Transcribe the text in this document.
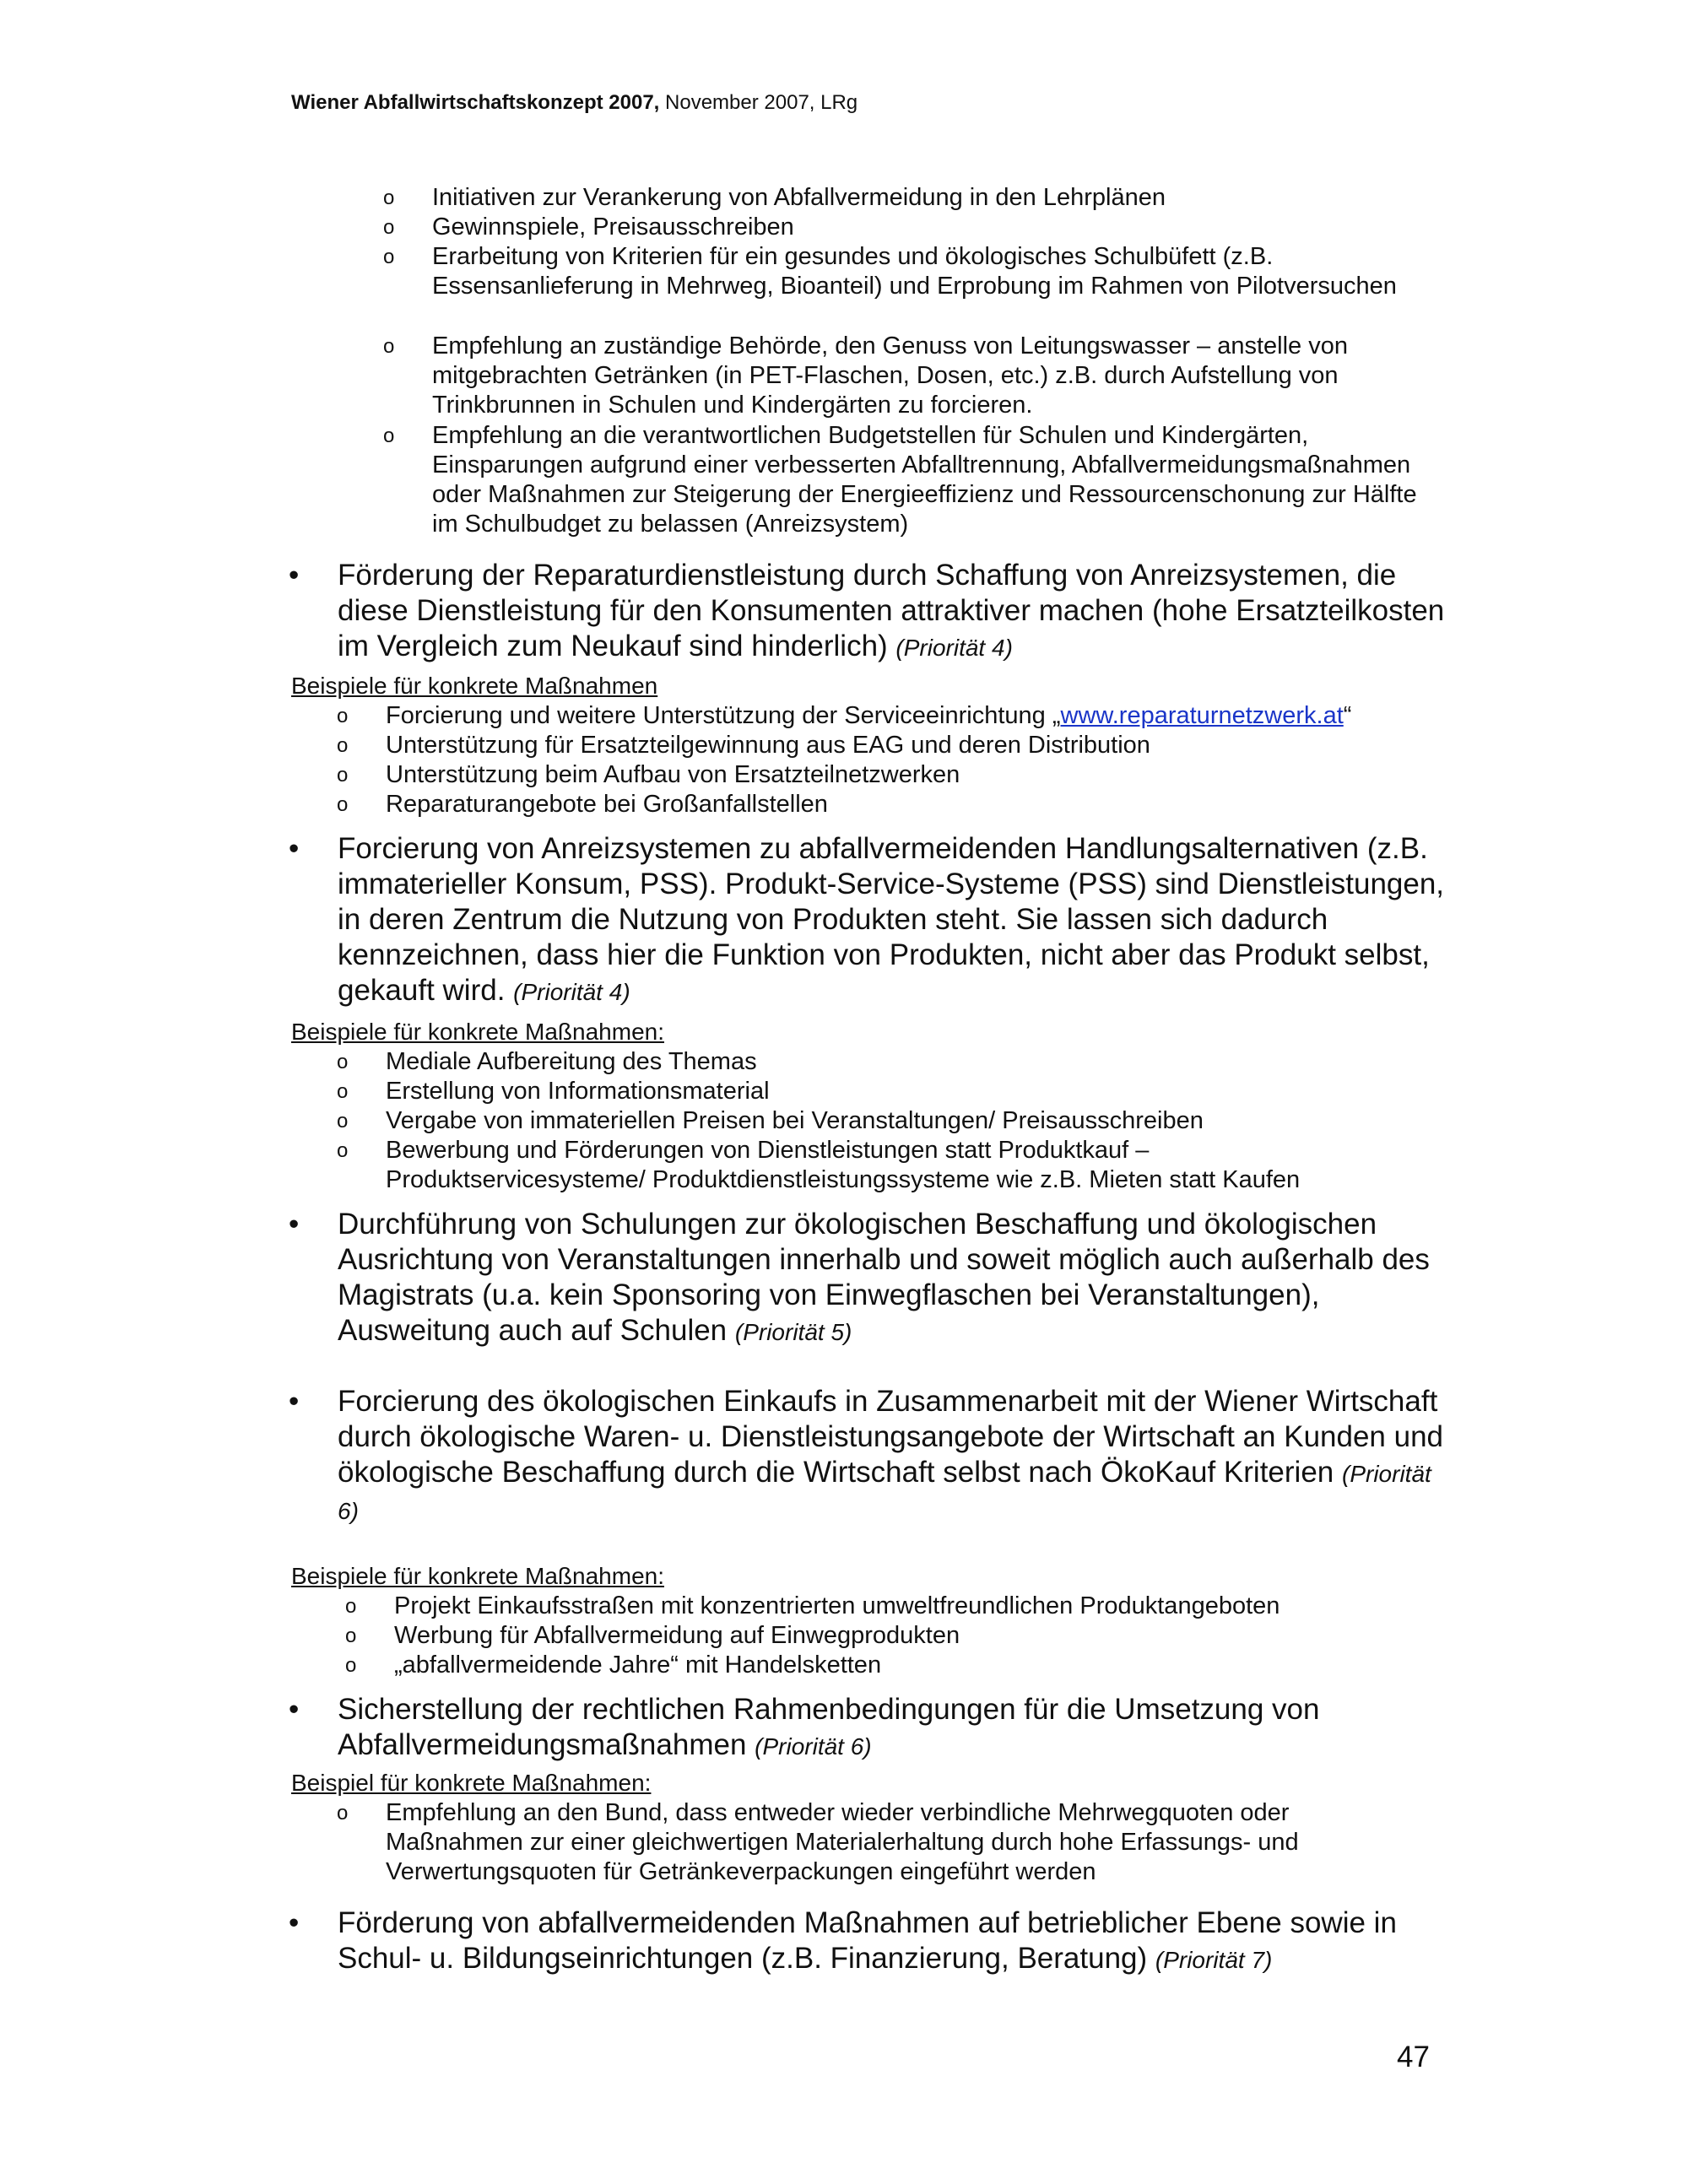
Wiener Abfallwirtschaftskonzept 2007, November 2007, LRg
o Initiativen zur Verankerung von Abfallvermeidung in den Lehrplänen

o Gewinnspiele, Preisausschreiben

o Erarbeitung von Kriterien für ein gesundes und ökologisches Schulbüfett (z.B. Essensanlieferung in Mehrweg, Bioanteil) und Erprobung im Rahmen von Pilotversuchen

o Empfehlung an zuständige Behörde, den Genuss von Leitungswasser – anstelle von mitgebrachten Getränken (in PET-Flaschen, Dosen, etc.) z.B. durch Aufstellung von Trinkbrunnen in Schulen und Kindergärten zu forcieren.

o Empfehlung an die verantwortlichen Budgetstellen für Schulen und Kindergärten, Einsparungen aufgrund einer verbesserten Abfalltrennung, Abfallvermeidungsmaßnahmen oder Maßnahmen zur Steigerung der Energieeffizienz und Ressourcenschonung zur Hälfte im Schulbudget zu belassen (Anreizsystem)

• Förderung der Reparaturdienstleistung durch Schaffung von Anreizsystemen, die diese Dienstleistung für den Konsumenten attraktiver machen (hohe Ersatzteilkosten im Vergleich zum Neukauf sind hinderlich) (Priorität 4)

Beispiele für konkrete Maßnahmen
o Forcierung und weitere Unterstützung der Serviceeinrichtung „www.reparaturnetzwerk.at“

o Unterstützung für Ersatzteilgewinnung aus EAG und deren Distribution

o Unterstützung beim Aufbau von Ersatzteilnetzwerken

o Reparaturangebote bei Großanfallstellen

• Forcierung von Anreizsystemen zu abfallvermeidenden Handlungsalternativen (z.B. immaterieller Konsum, PSS). Produkt-Service-Systeme (PSS) sind Dienstleistungen, in deren Zentrum die Nutzung von Produkten steht. Sie lassen sich dadurch kennzeichnen, dass hier die Funktion von Produkten, nicht aber das Produkt selbst, gekauft wird. (Priorität 4)

Beispiele für konkrete Maßnahmen:
o Mediale Aufbereitung des Themas

o Erstellung von Informationsmaterial

o Vergabe von immateriellen Preisen bei Veranstaltungen/ Preisausschreiben

o Bewerbung und Förderungen von Dienstleistungen statt Produktkauf – Produktservicesysteme/ Produktdienstleistungssysteme wie z.B. Mieten statt Kaufen

• Durchführung von Schulungen zur ökologischen Beschaffung und ökologischen Ausrichtung von Veranstaltungen innerhalb und soweit möglich auch außerhalb des Magistrats (u.a. kein Sponsoring von Einwegflaschen bei Veranstaltungen), Ausweitung auch auf Schulen (Priorität 5)

• Forcierung des ökologischen Einkaufs in Zusammenarbeit mit der Wiener Wirtschaft durch ökologische Waren- u. Dienstleistungsangebote der Wirtschaft an Kunden und ökologische Beschaffung durch die Wirtschaft selbst nach ÖkoKauf Kriterien (Priorität 6)

Beispiele für konkrete Maßnahmen:
o Projekt Einkaufsstraßen mit konzentrierten umweltfreundlichen Produktangeboten

o Werbung für Abfallvermeidung auf Einwegprodukten

o „abfallvermeidende Jahre“ mit Handelsketten

• Sicherstellung der rechtlichen Rahmenbedingungen für die Umsetzung von Abfallvermeidungsmaßnahmen (Priorität 6)

Beispiel für konkrete Maßnahmen:
o Empfehlung an den Bund, dass entweder wieder verbindliche Mehrwegquoten oder Maßnahmen zur einer gleichwertigen Materialerhaltung durch hohe Erfassungs- und Verwertungsquoten für Getränkeverpackungen eingeführt werden

• Förderung von abfallvermeidenden Maßnahmen auf betrieblicher Ebene sowie in Schul- u. Bildungseinrichtungen (z.B. Finanzierung, Beratung) (Priorität 7)

47
